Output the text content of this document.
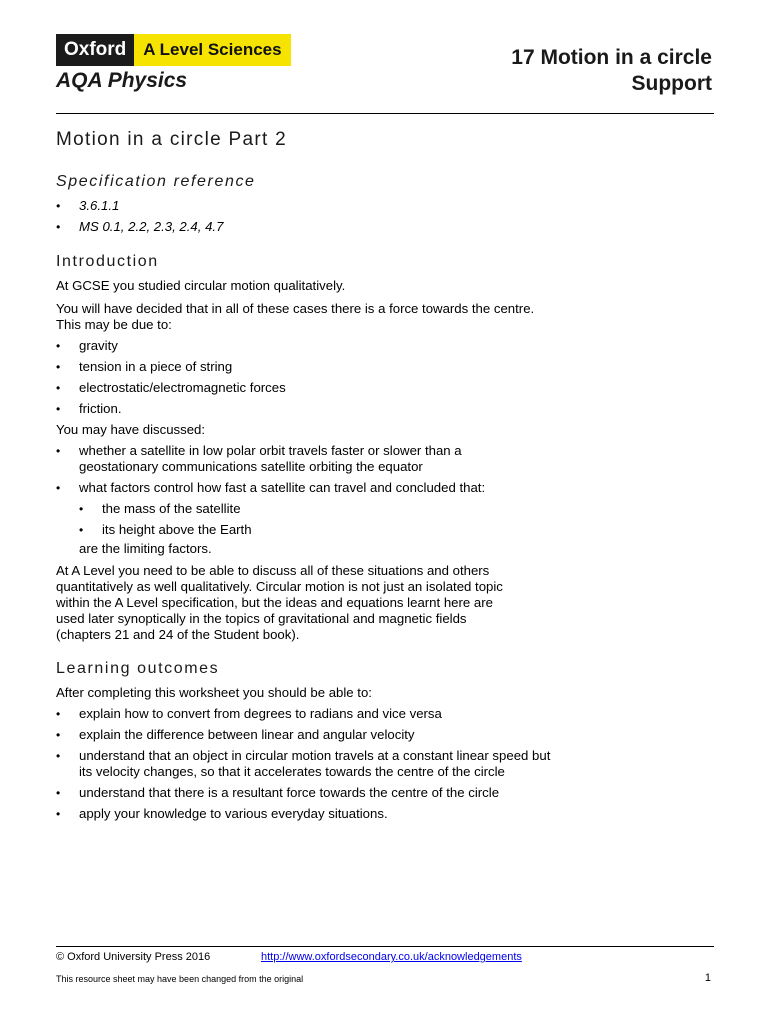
Oxford	A Level Sciences
AQA Physics
17 Motion in a circle
Support
Motion in a circle Part 2
Specification reference
• 3.6.1.1
• MS 0.1, 2.2, 2.3, 2.4, 4.7
Introduction

At GCSE you studied circular motion qualitatively.

You will have decided that in all of these cases there is a force towards the centre.
This may be due to:

• gravity
• tension in a piece of string
• electrostatic/electromagnetic forces
• friction.

You may have discussed:

• whether a satellite in low polar orbit travels faster or slower than a
geostationary communications satellite orbiting the equator
• what factors control how fast a satellite can travel and concluded that:
• the mass of the satellite
• its height above the Earth

are the limiting factors.

At A Level you need to be able to discuss all of these situations and others
quantitatively as well qualitatively. Circular motion is not just an isolated topic
within the A Level specification, but the ideas and equations learnt here are
used later synoptically in the topics of gravitational and magnetic fields
(chapters 21 and 24 of the Student book).

Learning outcomes

After completing this worksheet you should be able to:

• explain how to convert from degrees to radians and vice versa
• explain the difference between linear and angular velocity
• understand that an object in circular motion travels at a constant linear speed but
its velocity changes, so that it accelerates towards the centre of the circle
• understand that there is a resultant force towards the centre of the circle
• apply your knowledge to various everyday situations.
© Oxford University Press 2016	http://www.oxfordsecondary.co.uk/acknowledgements
This resource sheet may have been changed from the original	1
